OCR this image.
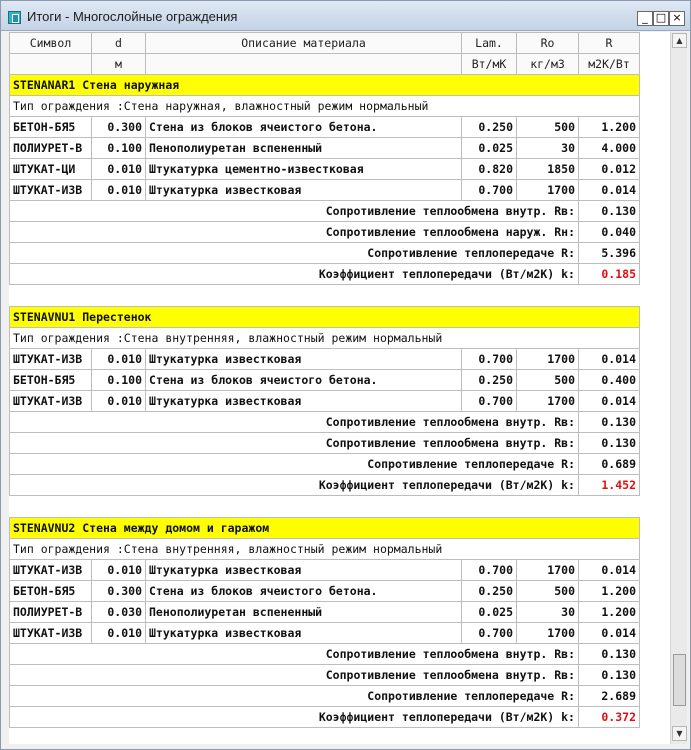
Итоги - Многослойные ограждения	_ □ ×
Символ	d	Описание материала	Lam.	Ro	R
	м		Вт/мК	кг/м3	м2К/Вт
STENANAR1 Стена наружная					
Тип ограждения :Стена наружная, влажностный режим нормальный					
БЕТОН-БЯ5	0.300	Стена из блоков ячеистого бетона.	0.250	500	1.200
ПОЛИУРЕТ-В	0.100	Пенополиуретан вспененный	0.025	30	4.000
ШТУКАТ-ЦИ	0.010	Штукатурка цементно-известковая	0.820	1850	0.012
ШТУКАТ-ИЗВ	0.010	Штукатурка известковая	0.700	1700	0.014
Сопротивление теплообмена внутр. Rв:					0.130
Сопротивление теплообмена наруж. Rн:					0.040
Сопротивление теплопередаче R:					5.396
Коэффициент теплопередачи (Вт/м2К) k:					0.185

STENAVNU1 Перестенок					
Тип ограждения :Стена внутренняя, влажностный режим нормальный					
ШТУКАТ-ИЗВ	0.010	Штукатурка известковая	0.700	1700	0.014
БЕТОН-БЯ5	0.100	Стена из блоков ячеистого бетона.	0.250	500	0.400
ШТУКАТ-ИЗВ	0.010	Штукатурка известковая	0.700	1700	0.014
Сопротивление теплообмена внутр. Rв:					0.130
Сопротивление теплообмена внутр. Rв:					0.130
Сопротивление теплопередаче R:					0.689
Коэффициент теплопередачи (Вт/м2К) k:					1.452

STENAVNU2 Стена между домом и гаражом					
Тип ограждения :Стена внутренняя, влажностный режим нормальный					
ШТУКАТ-ИЗВ	0.010	Штукатурка известковая	0.700	1700	0.014
БЕТОН-БЯ5	0.300	Стена из блоков ячеистого бетона.	0.250	500	1.200
ПОЛИУРЕТ-В	0.030	Пенополиуретан вспененный	0.025	30	1.200
ШТУКАТ-ИЗВ	0.010	Штукатурка известковая	0.700	1700	0.014
Сопротивление теплообмена внутр. Rв:					0.130
Сопротивление теплообмена внутр. Rв:					0.130
Сопротивление теплопередаче R:					2.689
Коэффициент теплопередачи (Вт/м2К) k:					0.372
▲
▼
